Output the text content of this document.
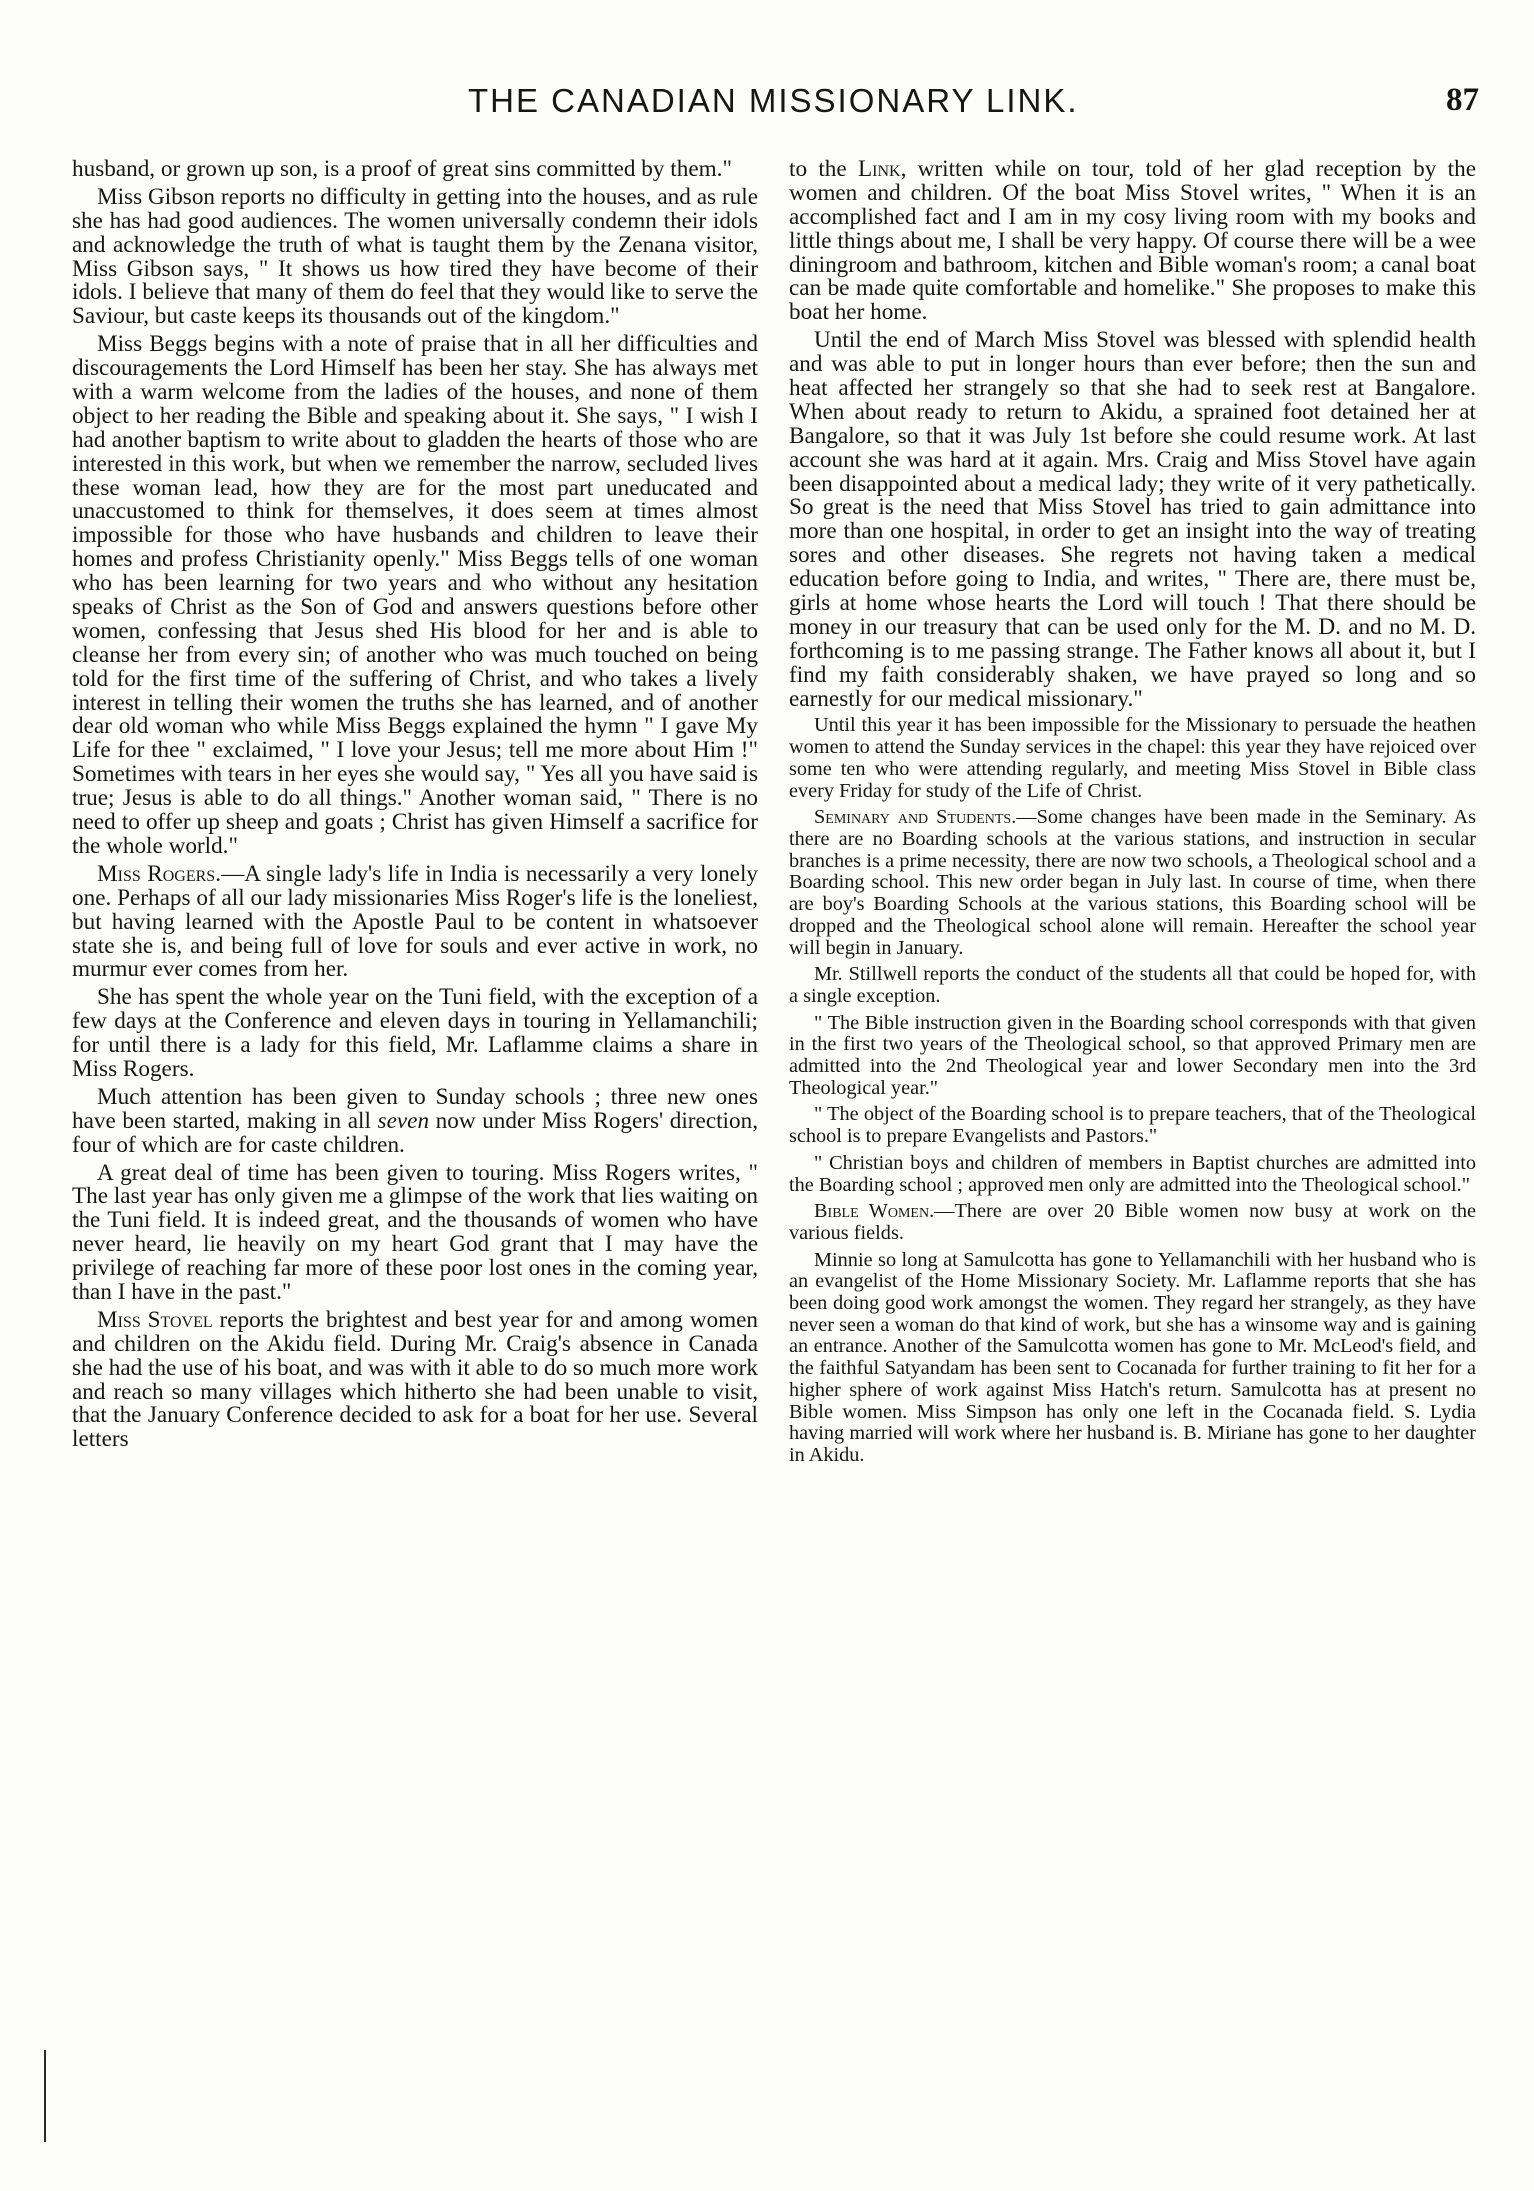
THE CANADIAN MISSIONARY LINK.	87

husband, or grown up son, is a proof of great sins committed by them."

Miss Gibson reports no difficulty in getting into the houses, and as rule she has had good audiences. The women universally condemn their idols and acknowledge the truth of what is taught them by the Zenana visitor, Miss Gibson says, " It shows us how tired they have become of their idols. I believe that many of them do feel that they would like to serve the Saviour, but caste keeps its thousands out of the kingdom."

Miss Beggs begins with a note of praise that in all her difficulties and discouragements the Lord Himself has been her stay. She has always met with a warm welcome from the ladies of the houses, and none of them object to her reading the Bible and speaking about it. She says, " I wish I had another baptism to write about to gladden the hearts of those who are interested in this work, but when we remember the narrow, secluded lives these woman lead, how they are for the most part uneducated and unaccustomed to think for themselves, it does seem at times almost impossible for those who have husbands and children to leave their homes and profess Christianity openly." Miss Beggs tells of one woman who has been learning for two years and who without any hesitation speaks of Christ as the Son of God and answers questions before other women, confessing that Jesus shed His blood for her and is able to cleanse her from every sin; of another who was much touched on being told for the first time of the suffering of Christ, and who takes a lively interest in telling their women the truths she has learned, and of another dear old woman who while Miss Beggs explained the hymn " I gave My Life for thee " exclaimed, " I love your Jesus; tell me more about Him !" Sometimes with tears in her eyes she would say, " Yes all you have said is true; Jesus is able to do all things." Another woman said, " There is no need to offer up sheep and goats ; Christ has given Himself a sacrifice for the whole world."

Miss Rogers.—A single lady's life in India is necessarily a very lonely one. Perhaps of all our lady missionaries Miss Roger's life is the loneliest, but having learned with the Apostle Paul to be content in whatsoever state she is, and being full of love for souls and ever active in work, no murmur ever comes from her.

She has spent the whole year on the Tuni field, with the exception of a few days at the Conference and eleven days in touring in Yellamanchili; for until there is a lady for this field, Mr. Laflamme claims a share in Miss Rogers.

Much attention has been given to Sunday schools ; three new ones have been started, making in all seven now under Miss Rogers' direction, four of which are for caste children.

A great deal of time has been given to touring. Miss Rogers writes, " The last year has only given me a glimpse of the work that lies waiting on the Tuni field. It is indeed great, and the thousands of women who have never heard, lie heavily on my heart God grant that I may have the privilege of reaching far more of these poor lost ones in the coming year, than I have in the past."

Miss Stovel reports the brightest and best year for and among women and children on the Akidu field. During Mr. Craig's absence in Canada she had the use of his boat, and was with it able to do so much more work and reach so many villages which hitherto she had been unable to visit, that the January Conference decided to ask for a boat for her use. Several letters

to the Link, written while on tour, told of her glad reception by the women and children. Of the boat Miss Stovel writes, " When it is an accomplished fact and I am in my cosy living room with my books and little things about me, I shall be very happy. Of course there will be a wee diningroom and bathroom, kitchen and Bible woman's room; a canal boat can be made quite comfortable and homelike." She proposes to make this boat her home.

Until the end of March Miss Stovel was blessed with splendid health and was able to put in longer hours than ever before; then the sun and heat affected her strangely so that she had to seek rest at Bangalore. When about ready to return to Akidu, a sprained foot detained her at Bangalore, so that it was July 1st before she could resume work. At last account she was hard at it again. Mrs. Craig and Miss Stovel have again been disappointed about a medical lady; they write of it very pathetically. So great is the need that Miss Stovel has tried to gain admittance into more than one hospital, in order to get an insight into the way of treating sores and other diseases. She regrets not having taken a medical education before going to India, and writes, " There are, there must be, girls at home whose hearts the Lord will touch ! That there should be money in our treasury that can be used only for the M. D. and no M. D. forthcoming is to me passing strange. The Father knows all about it, but I find my faith considerably shaken, we have prayed so long and so earnestly for our medical missionary."

Until this year it has been impossible for the Missionary to persuade the heathen women to attend the Sunday services in the chapel: this year they have rejoiced over some ten who were attending regularly, and meeting Miss Stovel in Bible class every Friday for study of the Life of Christ.

Seminary and Students.—Some changes have been made in the Seminary. As there are no Boarding schools at the various stations, and instruction in secular branches is a prime necessity, there are now two schools, a Theological school and a Boarding school. This new order began in July last. In course of time, when there are boy's Boarding Schools at the various stations, this Boarding school will be dropped and the Theological school alone will remain. Hereafter the school year will begin in January.

Mr. Stillwell reports the conduct of the students all that could be hoped for, with a single exception.

" The Bible instruction given in the Boarding school corresponds with that given in the first two years of the Theological school, so that approved Primary men are admitted into the 2nd Theological year and lower Secondary men into the 3rd Theological year."

" The object of the Boarding school is to prepare teachers, that of the Theological school is to prepare Evangelists and Pastors."

" Christian boys and children of members in Baptist churches are admitted into the Boarding school ; approved men only are admitted into the Theological school."

Bible Women.—There are over 20 Bible women now busy at work on the various fields.

Minnie so long at Samulcotta has gone to Yellamanchili with her husband who is an evangelist of the Home Missionary Society. Mr. Laflamme reports that she has been doing good work amongst the women. They regard her strangely, as they have never seen a woman do that kind of work, but she has a winsome way and is gaining an entrance. Another of the Samulcotta women has gone to Mr. McLeod's field, and the faithful Satyandam has been sent to Cocanada for further training to fit her for a higher sphere of work against Miss Hatch's return. Samulcotta has at present no Bible women. Miss Simpson has only one left in the Cocanada field. S. Lydia having married will work where her husband is. B. Miriane has gone to her daughter in Akidu.
